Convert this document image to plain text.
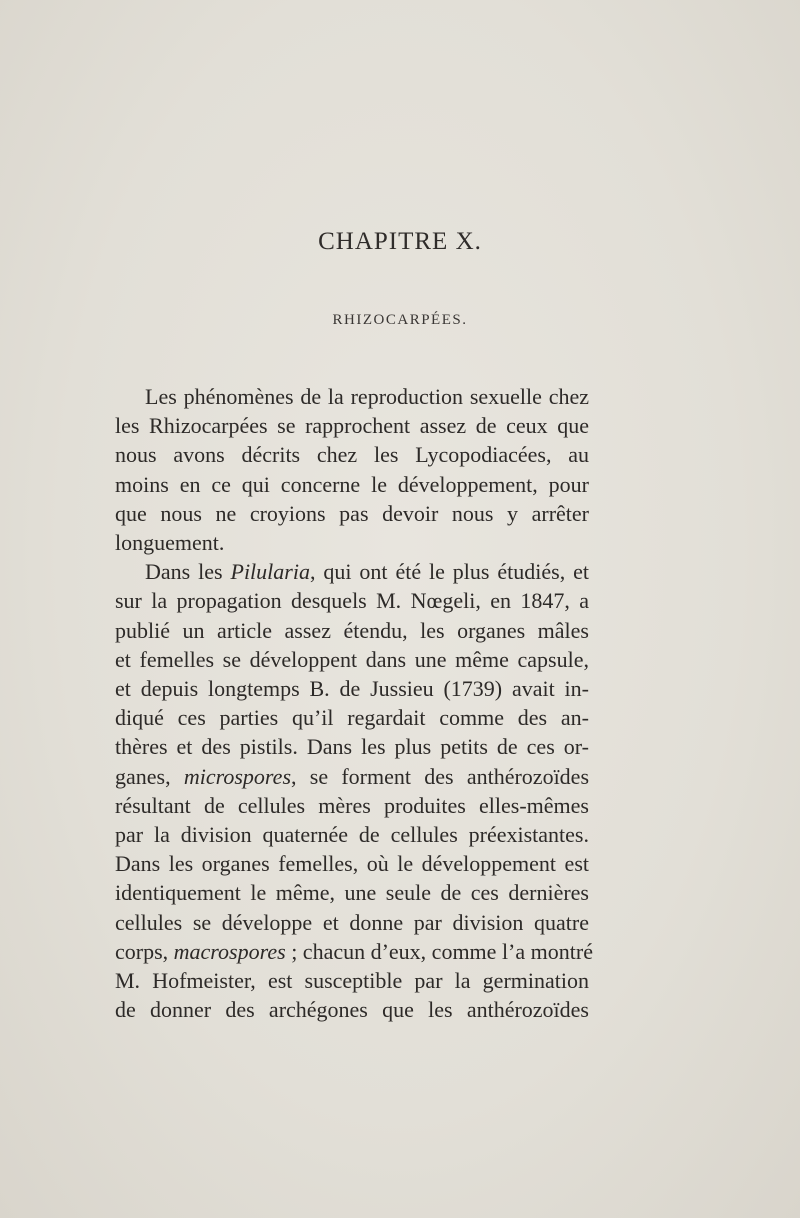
CHAPITRE X.
RHIZOCARPÉES.
Les phénomènes de la reproduction sexuelle chez
les Rhizocarpées se rapprochent assez de ceux que
nous avons décrits chez les Lycopodiacées, au
moins en ce qui concerne le développement, pour
que nous ne croyions pas devoir nous y arrêter
longuement.
Dans les Pilularia, qui ont été le plus étudiés, et
sur la propagation desquels M. Nœgeli, en 1847, a
publié un article assez étendu, les organes mâles
et femelles se développent dans une même capsule,
et depuis longtemps B. de Jussieu (1739) avait in-
diqué ces parties qu’il regardait comme des an-
thères et des pistils. Dans les plus petits de ces or-
ganes, microspores, se forment des anthérozoïdes
résultant de cellules mères produites elles-mêmes
par la division quaternée de cellules préexistantes.
Dans les organes femelles, où le développement est
identiquement le même, une seule de ces dernières
cellules se développe et donne par division quatre
corps, macrospores ; chacun d’eux, comme l’a montré
M. Hofmeister, est susceptible par la germination
de donner des archégones que les anthérozoïdes
